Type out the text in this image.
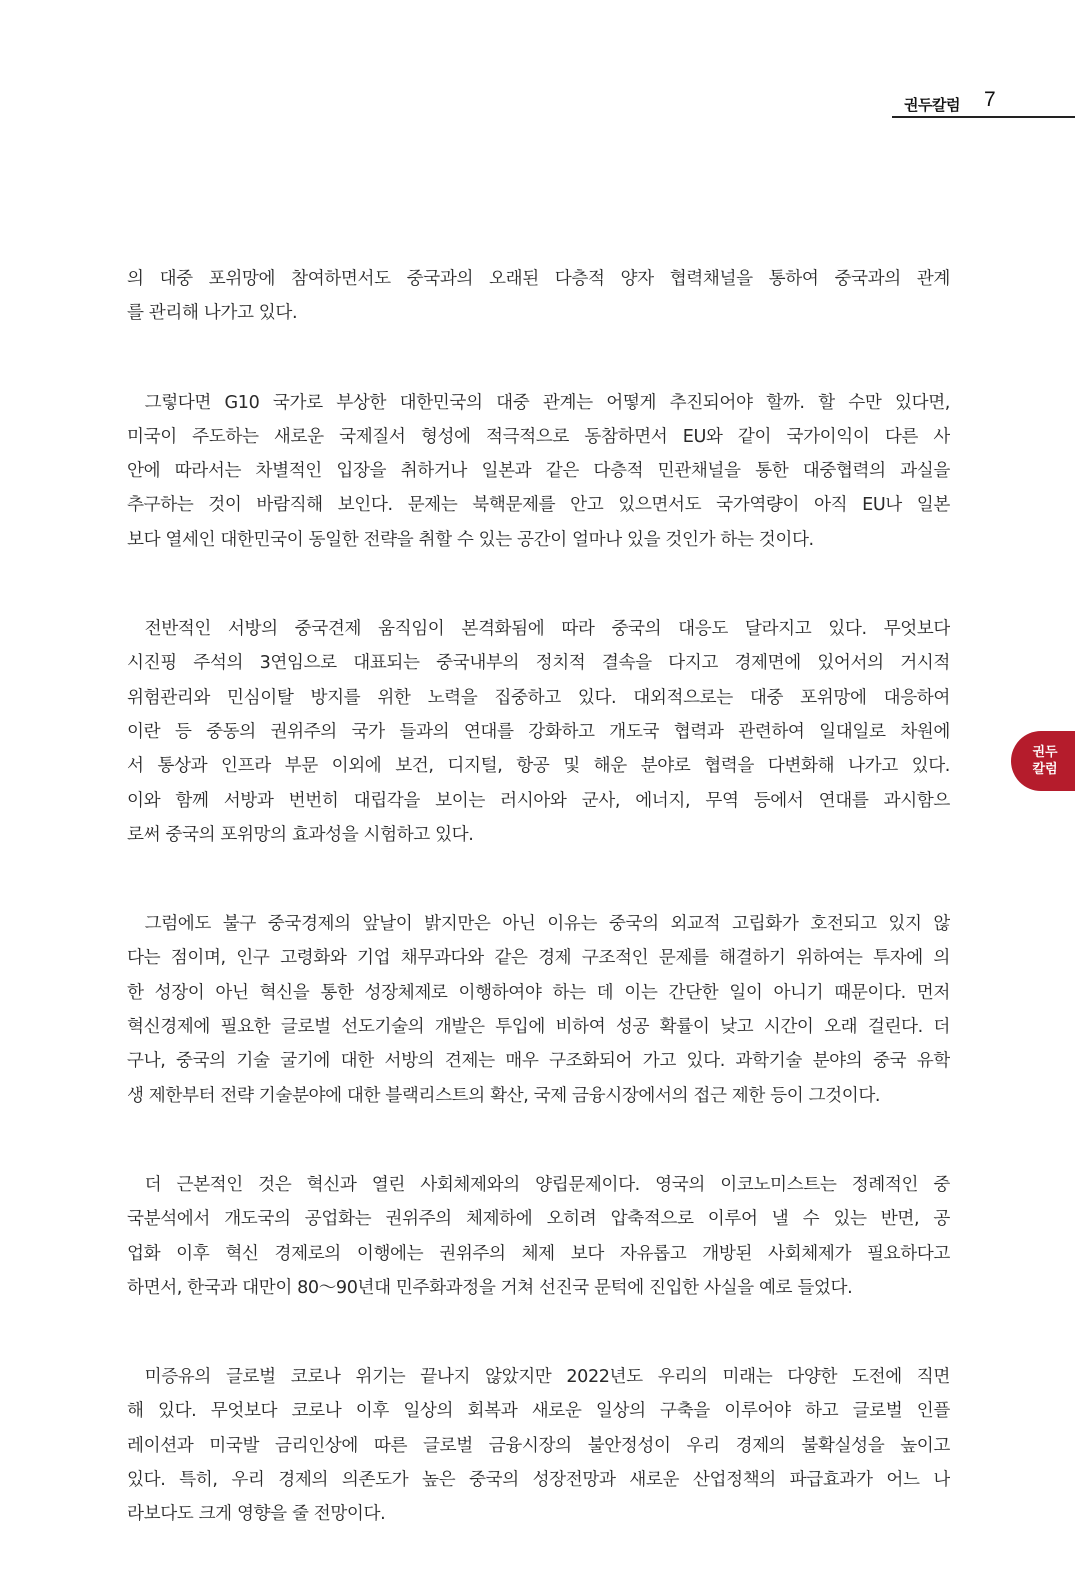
권두칼럼 7
의 대중 포위망에 참여하면서도 중국과의 오래된 다층적 양자 협력채널을 통하여 중국과의 관계
를 관리해 나가고 있다.
그렇다면 G10 국가로 부상한 대한민국의 대중 관계는 어떻게 추진되어야 할까. 할 수만 있다면,
미국이 주도하는 새로운 국제질서 형성에 적극적으로 동참하면서 EU와 같이 국가이익이 다른 사
안에 따라서는 차별적인 입장을 취하거나 일본과 같은 다층적 민관채널을 통한 대중협력의 과실을
추구하는 것이 바람직해 보인다. 문제는 북핵문제를 안고 있으면서도 국가역량이 아직 EU나 일본
보다 열세인 대한민국이 동일한 전략을 취할 수 있는 공간이 얼마나 있을 것인가 하는 것이다.
전반적인 서방의 중국견제 움직임이 본격화됨에 따라 중국의 대응도 달라지고 있다. 무엇보다
시진핑 주석의 3연임으로 대표되는 중국내부의 정치적 결속을 다지고 경제면에 있어서의 거시적
위험관리와 민심이탈 방지를 위한 노력을 집중하고 있다. 대외적으로는 대중 포위망에 대응하여
이란 등 중동의 권위주의 국가 들과의 연대를 강화하고 개도국 협력과 관련하여 일대일로 차원에
서 통상과 인프라 부문 이외에 보건, 디지털, 항공 및 해운 분야로 협력을 다변화해 나가고 있다.
이와 함께 서방과 번번히 대립각을 보이는 러시아와 군사, 에너지, 무역 등에서 연대를 과시함으
로써 중국의 포위망의 효과성을 시험하고 있다.
그럼에도 불구 중국경제의 앞날이 밝지만은 아닌 이유는 중국의 외교적 고립화가 호전되고 있지 않
다는 점이며, 인구 고령화와 기업 채무과다와 같은 경제 구조적인 문제를 해결하기 위하여는 투자에 의
한 성장이 아닌 혁신을 통한 성장체제로 이행하여야 하는 데 이는 간단한 일이 아니기 때문이다. 먼저
혁신경제에 필요한 글로벌 선도기술의 개발은 투입에 비하여 성공 확률이 낮고 시간이 오래 걸린다. 더
구나, 중국의 기술 굴기에 대한 서방의 견제는 매우 구조화되어 가고 있다. 과학기술 분야의 중국 유학
생 제한부터 전략 기술분야에 대한 블랙리스트의 확산, 국제 금융시장에서의 접근 제한 등이 그것이다.
더 근본적인 것은 혁신과 열린 사회체제와의 양립문제이다. 영국의 이코노미스트는 정례적인 중
국분석에서 개도국의 공업화는 권위주의 체제하에 오히려 압축적으로 이루어 낼 수 있는 반면, 공
업화 이후 혁신 경제로의 이행에는 권위주의 체제 보다 자유롭고 개방된 사회체제가 필요하다고
하면서, 한국과 대만이 80～90년대 민주화과정을 거쳐 선진국 문턱에 진입한 사실을 예로 들었다.
미증유의 글로벌 코로나 위기는 끝나지 않았지만 2022년도 우리의 미래는 다양한 도전에 직면
해 있다. 무엇보다 코로나 이후 일상의 회복과 새로운 일상의 구축을 이루어야 하고 글로벌 인플
레이션과 미국발 금리인상에 따른 글로벌 금융시장의 불안정성이 우리 경제의 불확실성을 높이고
있다. 특히, 우리 경제의 의존도가 높은 중국의 성장전망과 새로운 산업정책의 파급효과가 어느 나
라보다도 크게 영향을 줄 전망이다.
권두
칼럼
